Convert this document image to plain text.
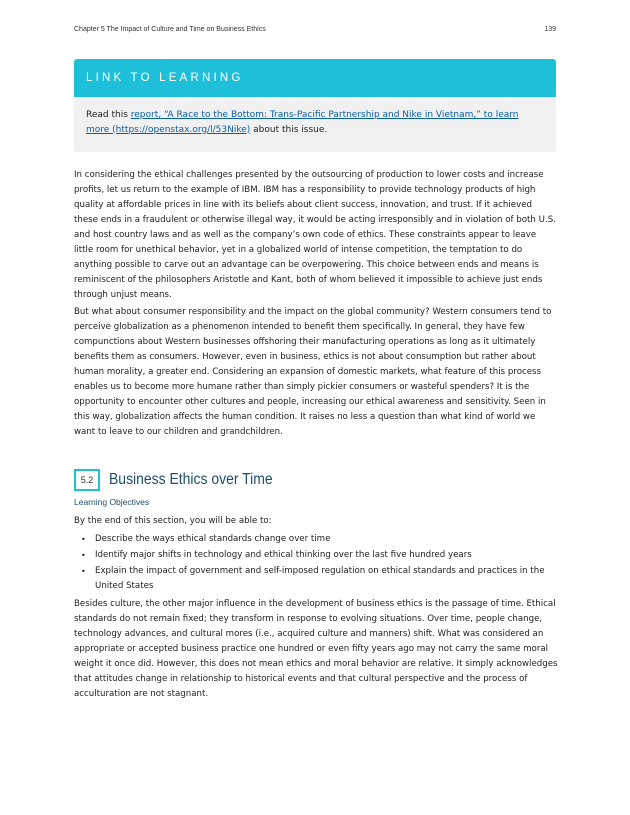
Chapter 5 The Impact of Culture and Time on Business Ethics	139
LINK TO LEARNING
Read this report, “A Race to the Bottom: Trans-Pacific Partnership and Nike in Vietnam,” to learn more (https://openstax.org/l/53Nike) about this issue.

In considering the ethical challenges presented by the outsourcing of production to lower costs and increase profits, let us return to the example of IBM. IBM has a responsibility to provide technology products of high quality at affordable prices in line with its beliefs about client success, innovation, and trust. If it achieved these ends in a fraudulent or otherwise illegal way, it would be acting irresponsibly and in violation of both U.S. and host country laws and as well as the company’s own code of ethics. These constraints appear to leave little room for unethical behavior, yet in a globalized world of intense competition, the temptation to do anything possible to carve out an advantage can be overpowering. This choice between ends and means is reminiscent of the philosophers Aristotle and Kant, both of whom believed it impossible to achieve just ends through unjust means.

But what about consumer responsibility and the impact on the global community? Western consumers tend to perceive globalization as a phenomenon intended to benefit them specifically. In general, they have few compunctions about Western businesses offshoring their manufacturing operations as long as it ultimately benefits them as consumers. However, even in business, ethics is not about consumption but rather about human morality, a greater end. Considering an expansion of domestic markets, what feature of this process enables us to become more humane rather than simply pickier consumers or wasteful spenders? It is the opportunity to encounter other cultures and people, increasing our ethical awareness and sensitivity. Seen in this way, globalization affects the human condition. It raises no less a question than what kind of world we want to leave to our children and grandchildren.

5.2	Business Ethics over Time
Learning Objectives
By the end of this section, you will be able to:
• Describe the ways ethical standards change over time
• Identify major shifts in technology and ethical thinking over the last five hundred years
• Explain the impact of government and self-imposed regulation on ethical standards and practices in the United States

Besides culture, the other major influence in the development of business ethics is the passage of time. Ethical standards do not remain fixed; they transform in response to evolving situations. Over time, people change, technology advances, and cultural mores (i.e., acquired culture and manners) shift. What was considered an appropriate or accepted business practice one hundred or even fifty years ago may not carry the same moral weight it once did. However, this does not mean ethics and moral behavior are relative. It simply acknowledges that attitudes change in relationship to historical events and that cultural perspective and the process of acculturation are not stagnant.
